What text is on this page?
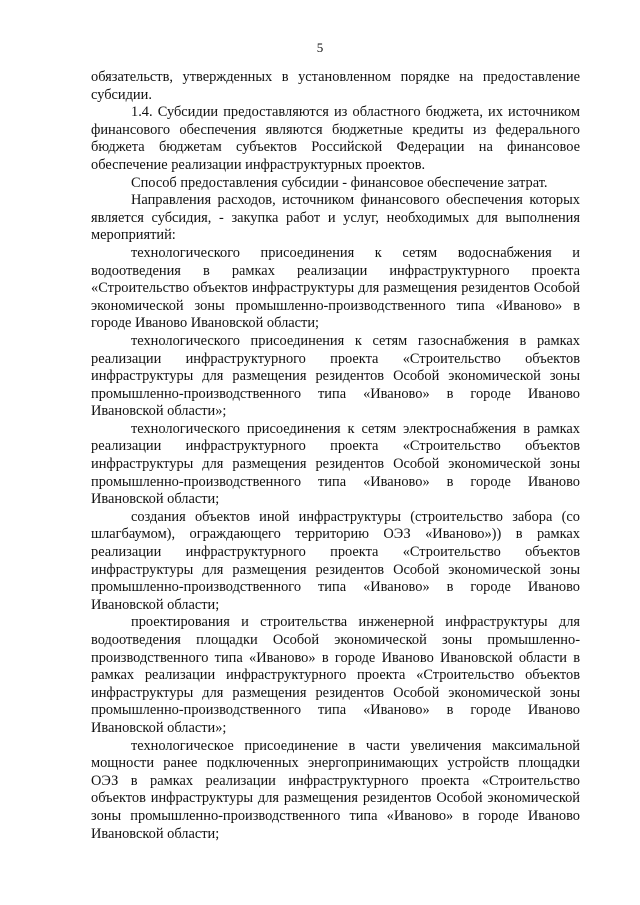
5

обязательств, утвержденных в установленном порядке на предоставление субсидии.

1.4. Субсидии предоставляются из областного бюджета, их источником финансового обеспечения являются бюджетные кредиты из федерального бюджета бюджетам субъектов Российской Федерации на финансовое обеспечение реализации инфраструктурных проектов.

Способ предоставления субсидии - финансовое обеспечение затрат.

Направления расходов, источником финансового обеспечения которых является субсидия, - закупка работ и услуг, необходимых для выполнения мероприятий:

технологического присоединения к сетям водоснабжения и водоотведения в рамках реализации инфраструктурного проекта «Строительство объектов инфраструктуры для размещения резидентов Особой экономической зоны промышленно-производственного типа «Иваново» в городе Иваново Ивановской области;

технологического присоединения к сетям газоснабжения в рамках реализации инфраструктурного проекта «Строительство объектов инфраструктуры для размещения резидентов Особой экономической зоны промышленно-производственного типа «Иваново» в городе Иваново Ивановской области»;

технологического присоединения к сетям электроснабжения в рамках реализации инфраструктурного проекта «Строительство объектов инфраструктуры для размещения резидентов Особой экономической зоны промышленно-производственного типа «Иваново» в городе Иваново Ивановской области;

создания объектов иной инфраструктуры (строительство забора (со шлагбаумом), ограждающего территорию ОЭЗ «Иваново»)) в рамках реализации инфраструктурного проекта «Строительство объектов инфраструктуры для размещения резидентов Особой экономической зоны промышленно-производственного типа «Иваново» в городе Иваново Ивановской области;

проектирования и строительства инженерной инфраструктуры для водоотведения площадки Особой экономической зоны промышленно-производственного типа «Иваново» в городе Иваново Ивановской области в рамках реализации инфраструктурного проекта «Строительство объектов инфраструктуры для размещения резидентов Особой экономической зоны промышленно-производственного типа «Иваново» в городе Иваново Ивановской области»;

технологическое присоединение в части увеличения максимальной мощности ранее подключенных энергопринимающих устройств площадки ОЭЗ в рамках реализации инфраструктурного проекта «Строительство объектов инфраструктуры для размещения резидентов Особой экономической зоны промышленно-производственного типа «Иваново» в городе Иваново Ивановской области;
